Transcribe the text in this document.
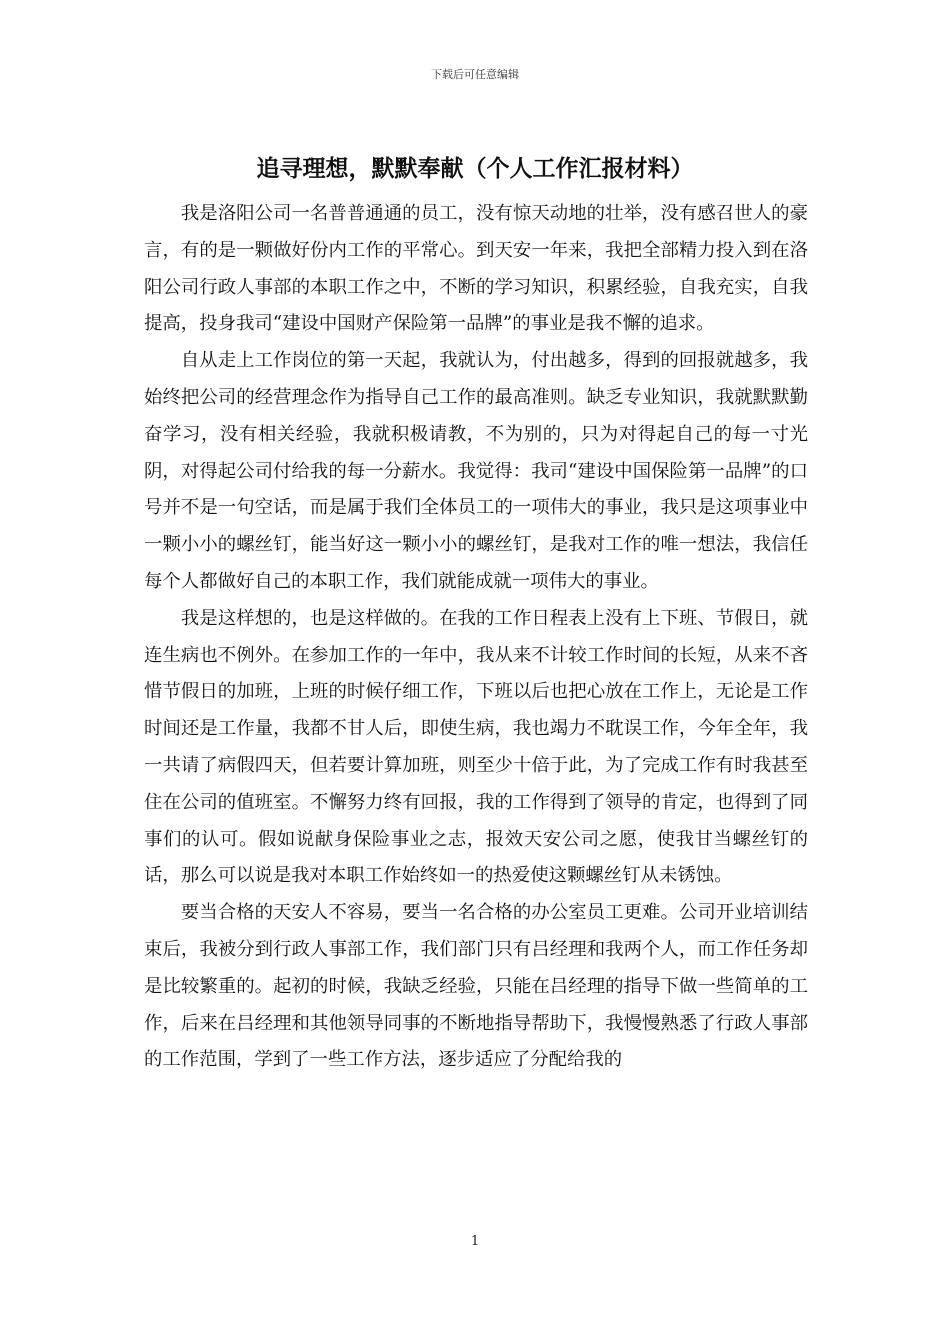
下载后可任意编辑
追寻理想，默默奉献（个人工作汇报材料）

我是洛阳公司一名普普通通的员工，没有惊天动地的壮举，没有感召世人的豪言，有的是一颗做好份内工作的平常心。到天安一年来，我把全部精力投入到在洛阳公司行政人事部的本职工作之中，不断的学习知识，积累经验，自我充实，自我提高，投身我司“建设中国财产保险第一品牌”的事业是我不懈的追求。

自从走上工作岗位的第一天起，我就认为，付出越多，得到的回报就越多，我始终把公司的经营理念作为指导自己工作的最高准则。缺乏专业知识，我就默默勤奋学习，没有相关经验，我就积极请教，不为别的，只为对得起自己的每一寸光阴，对得起公司付给我的每一分薪水。我觉得：我司“建设中国保险第一品牌”的口号并不是一句空话，而是属于我们全体员工的一项伟大的事业，我只是这项事业中一颗小小的螺丝钉，能当好这一颗小小的螺丝钉，是我对工作的唯一想法，我信任每个人都做好自己的本职工作，我们就能成就一项伟大的事业。

我是这样想的，也是这样做的。在我的工作日程表上没有上下班、节假日，就连生病也不例外。在参加工作的一年中，我从来不计较工作时间的长短，从来不吝惜节假日的加班，上班的时候仔细工作，下班以后也把心放在工作上，无论是工作时间还是工作量，我都不甘人后，即使生病，我也竭力不耽误工作，今年全年，我一共请了病假四天，但若要计算加班，则至少十倍于此，为了完成工作有时我甚至住在公司的值班室。不懈努力终有回报，我的工作得到了领导的肯定，也得到了同事们的认可。假如说献身保险事业之志，报效天安公司之愿，使我甘当螺丝钉的话，那么可以说是我对本职工作始终如一的热爱使这颗螺丝钉从未锈蚀。

要当合格的天安人不容易，要当一名合格的办公室员工更难。公司开业培训结束后，我被分到行政人事部工作，我们部门只有吕经理和我两个人，而工作任务却是比较繁重的。起初的时候，我缺乏经验，只能在吕经理的指导下做一些简单的工作，后来在吕经理和其他领导同事的不断地指导帮助下，我慢慢熟悉了行政人事部的工作范围，学到了一些工作方法，逐步适应了分配给我的

1
